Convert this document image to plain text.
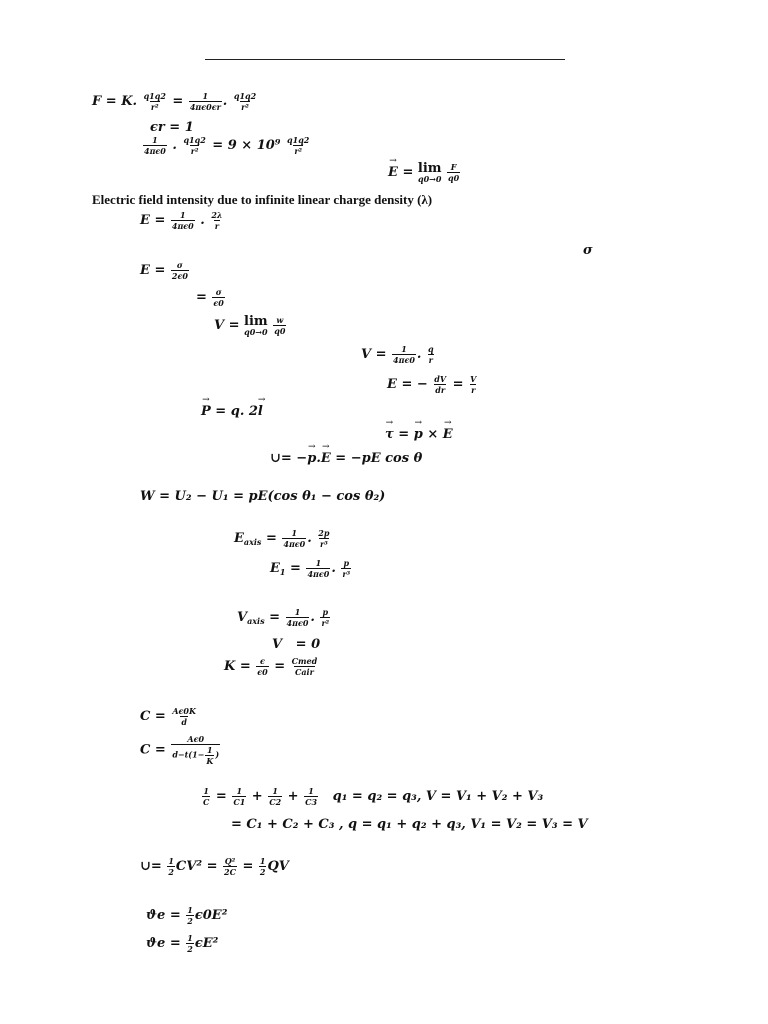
F = K. $\frac{q1q2}{\text{r²}} = \frac{1}{4\pi\epsilon 0\epsilon r}$ . $\frac{q1q2}{\text{r²}}$
ϵr = 1
$\frac{1}{4\pi\epsilon 0}$ . $\frac{q1q2}{\text{r²}} = 9 \times 10^9 \frac{q1q2}{\text{r²}}$
→ E = lim
q0→0
$\frac{F}{q0}$
Electric field intensity due to infinite linear charge density (λ)
$E = \frac{1}{4\pi\epsilon 0}$ . $\frac{2\lambda}{r}$
σ
$E = \frac{\sigma}{2\epsilon 0}$
= $\frac{\sigma}{\epsilon 0}$
V = lim
q0→0
$\frac{w}{q0}$
$V = \frac{1}{4\pi\epsilon 0}$ . $\frac{q}{r}$
E = − $\frac{dV}{dr} = \frac{V}{r}$
→ P = q. 2→ l
→ τ = → p × → E
∪= −→ p.→ E = −pE cos θ
W = U₂ − U₁ = pE(cos θ₁ − cos θ₂)
$E_{axis} = \frac{1}{4\pi\epsilon 0}$ . $\frac{2p}{\text{r³}}$
$E_1 = \frac{1}{4\pi\epsilon 0}$ . $\frac{p}{\text{r³}}$
$V_{axis} = \frac{1}{4\pi\epsilon 0}$ . $\frac{p}{\text{r²}}$
V   = 0
$K = \frac{\epsilon}{\epsilon 0} = \frac{\text{Cmed}}{\text{Cair}}$
$C = \frac{A\epsilon 0K}{d}$
$C = \frac{A\epsilon 0}{d-t(1- \frac{1}{K} )}$
$\frac{1}{C} = \frac{1}{C1} + \frac{1}{C2} + \frac{1}{C3} q_1 = q_2 = q_3$, V = V₁ + V₂ + V₃
= C₁ + C₂ + C₃ , q = q₁ + q₂ + q₃, V₁ = V₂ = V₃ = V
∪= $\frac{1}{2} CV^2 = \frac{\text{Q²}}{2C} = \frac{1}{2}$ QV
$ϑe = \frac{1}{2} \epsilon 0E^2$
$ϑe = \frac{1}{2} \epsilon E^2$
